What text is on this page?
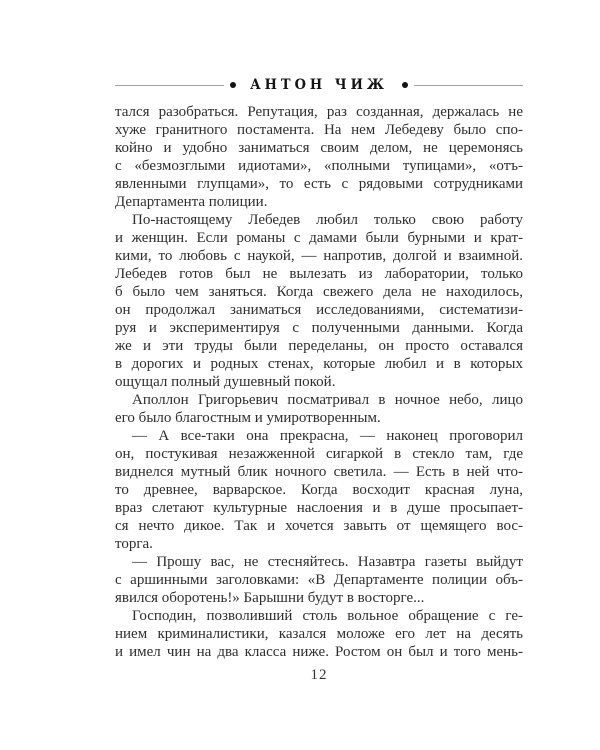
АНТОН ЧИЖ
тался разобраться. Репутация, раз созданная, держалась не
хуже гранитного постамента. На нем Лебедеву было спо-
койно и удобно заниматься своим делом, не церемонясь
с «безмозглыми идиотами», «полными тупицами», «отъ-
явленными глупцами», то есть с рядовыми сотрудниками
Департамента полиции.
По-настоящему Лебедев любил только свою работу
и женщин. Если романы с дамами были бурными и крат-
кими, то любовь с наукой, — напротив, долгой и взаимной.
Лебедев готов был не вылезать из лаборатории, только
б было чем заняться. Когда свежего дела не находилось,
он продолжал заниматься исследованиями, систематизи-
руя и экспериментируя с полученными данными. Когда
же и эти труды были переделаны, он просто оставался
в дорогих и родных стенах, которые любил и в которых
ощущал полный душевный покой.
Аполлон Григорьевич посматривал в ночное небо, лицо
его было благостным и умиротворенным.
— А все-таки она прекрасна, — наконец проговорил
он, постукивая незажженной сигаркой в стекло там, где
виднелся мутный блик ночного светила. — Есть в ней что-
то древнее, варварское. Когда восходит красная луна,
враз слетают культурные наслоения и в душе просыпает-
ся нечто дикое. Так и хочется завыть от щемящего вос-
торга.
— Прошу вас, не стесняйтесь. Назавтра газеты выйдут
с аршинными заголовками: «В Департаменте полиции объ-
явился оборотень!» Барышни будут в восторге...
Господин, позволивший столь вольное обращение с ге-
нием криминалистики, казался моложе его лет на десять
и имел чин на два класса ниже. Ростом он был и того мень-
12
